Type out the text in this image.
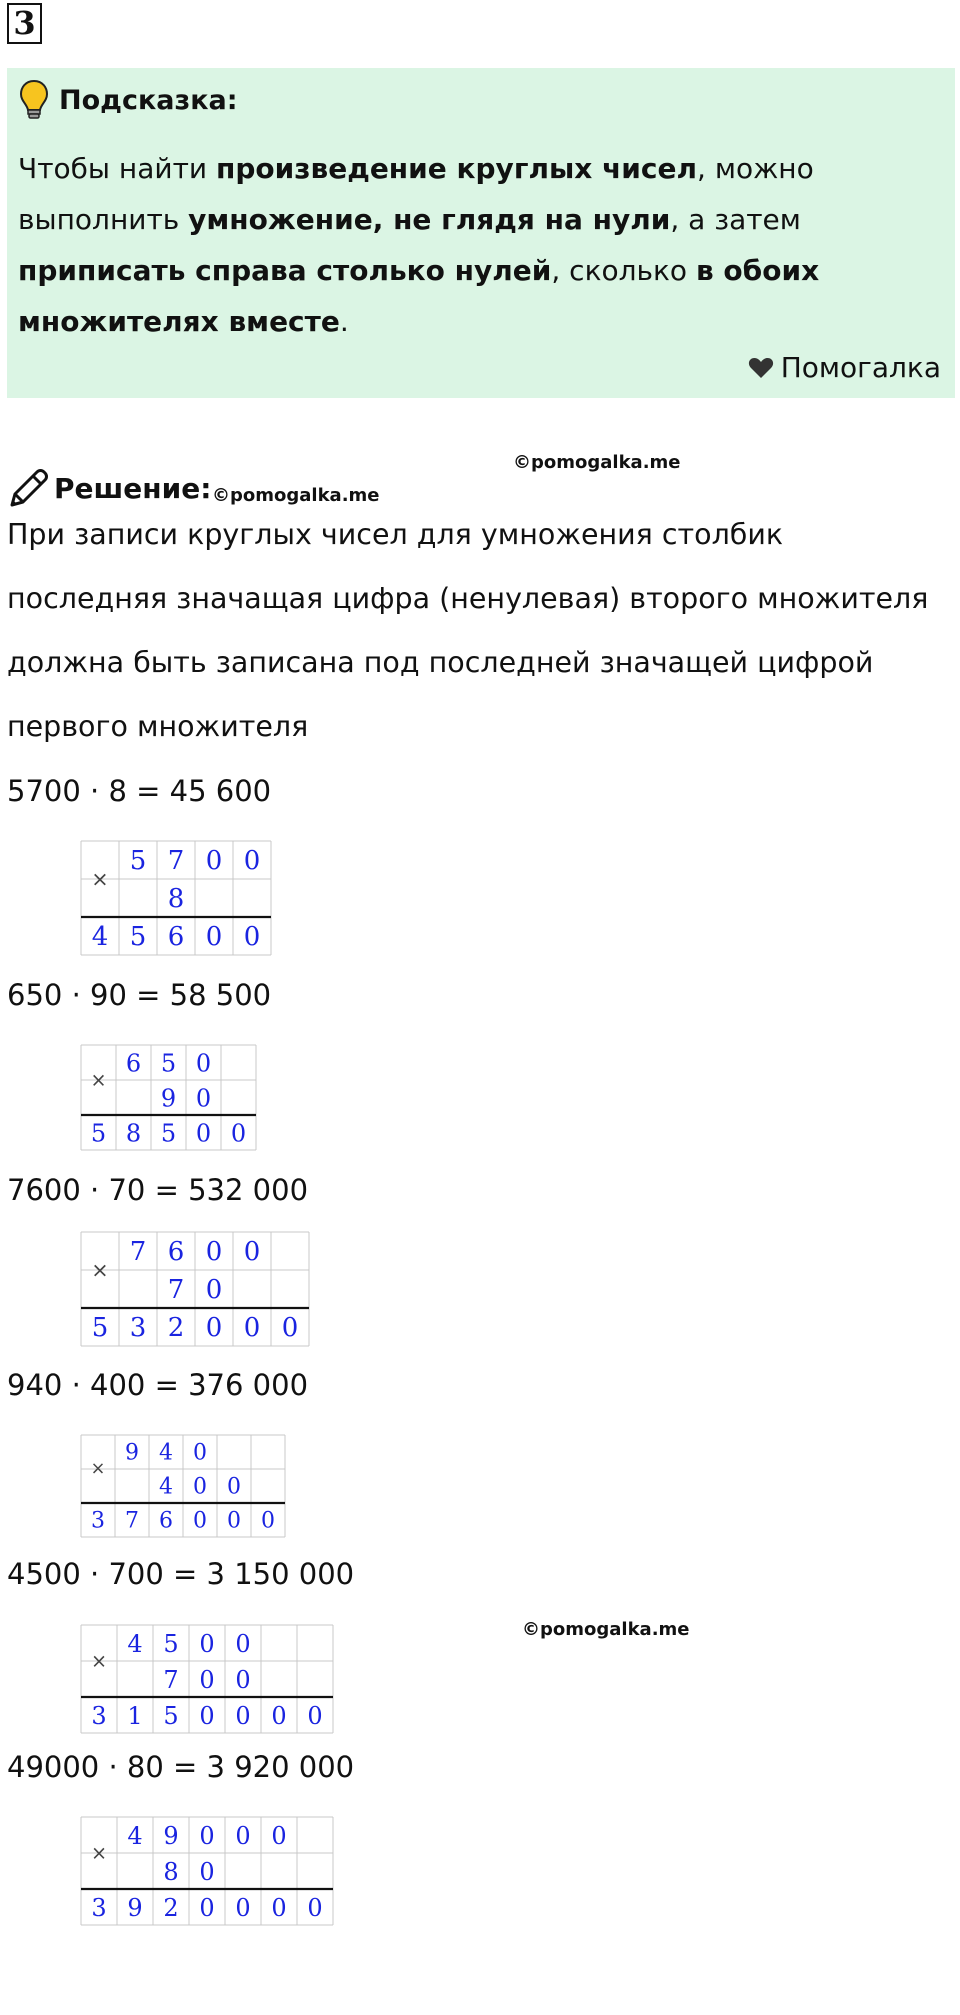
3
Подсказка:
Чтобы найти произведение круглых чисел, можно выполнить умножение, не глядя на нули, а затем приписать справа столько нулей, сколько в обоих множителях вместе.
Помогалка
©pomogalka.me
©pomogalka.me
©pomogalka.me
Решение:
При записи круглых чисел для умножения столбик
последняя значащая цифра (ненулевая) второго множителя
должна быть записана под последней значащей цифрой
первого множителя
5700 · 8 = 45 600
×
5 7 0 0
8
4 5 6 0 0
650 · 90 = 58 500
×
6 5 0
9 0
5 8 5 0 0
7600 · 70 = 532 000
×
7 6 0 0
7 0
5 3 2 0 0 0
940 · 400 = 376 000
×
9 4 0
4 0 0
3 7 6 0 0 0
4500 · 700 = 3 150 000
×
4 5 0 0
7 0 0
3 1 5 0 0 0 0
49000 · 80 = 3 920 000
×
4 9 0 0 0
8 0
3 9 2 0 0 0 0
